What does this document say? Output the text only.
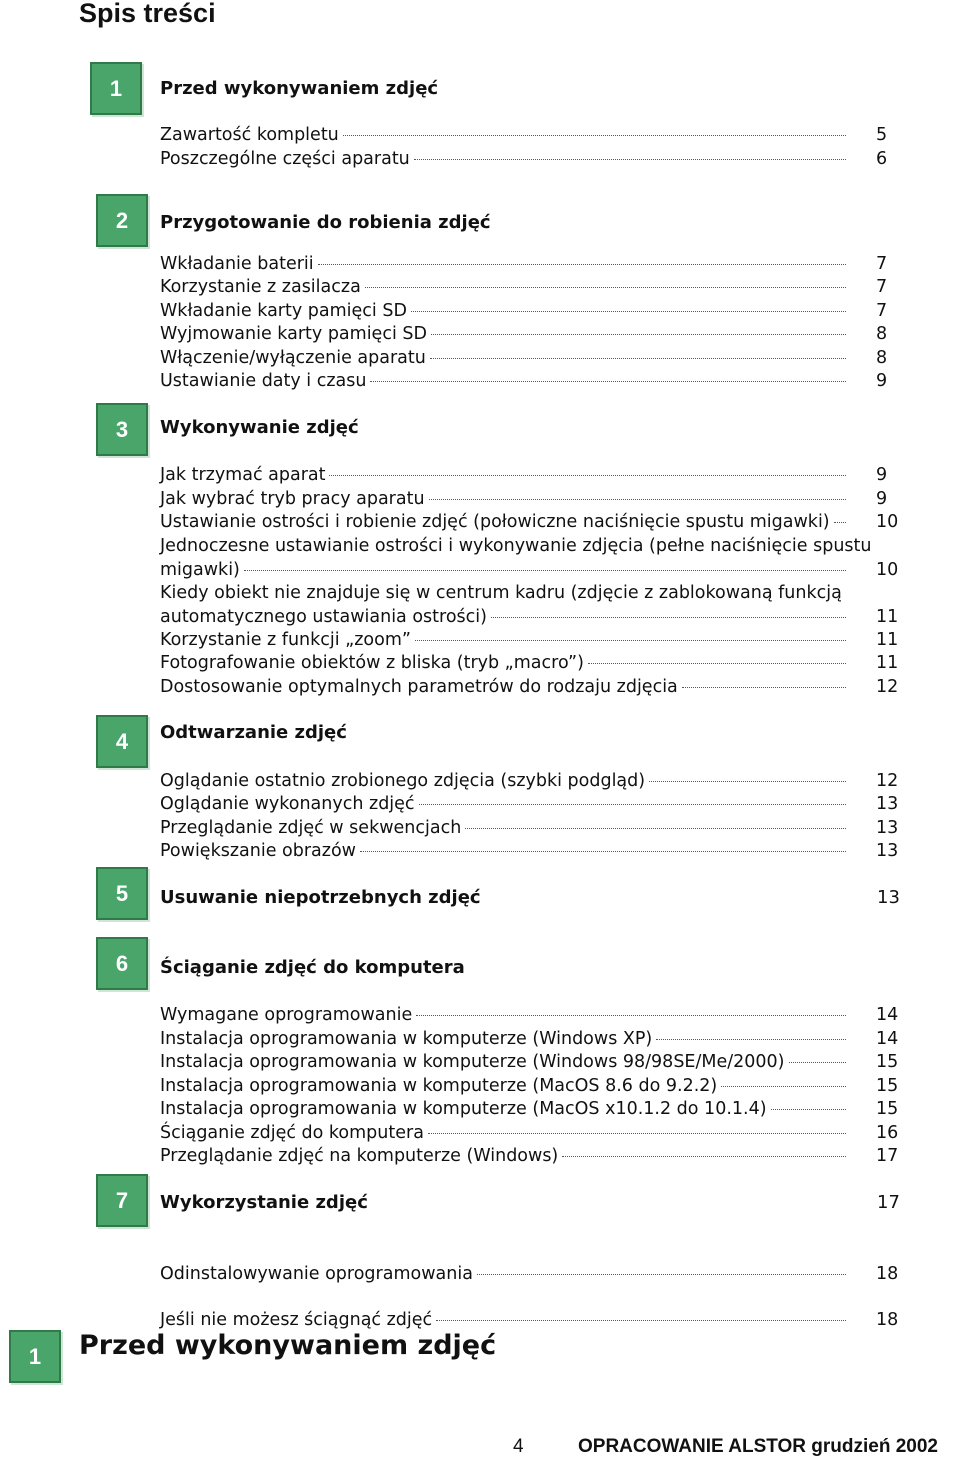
Spis treści
1	Przed wykonywaniem zdjęć
Zawartość kompletu	5
Poszczególne części aparatu	6
2	Przygotowanie do robienia zdjęć
Wkładanie baterii	7
Korzystanie z zasilacza	7
Wkładanie karty pamięci SD	7
Wyjmowanie karty pamięci SD	8
Włączenie/wyłączenie aparatu	8
Ustawianie daty i czasu	9
3	Wykonywanie zdjęć
Jak trzymać aparat	9
Jak wybrać tryb pracy aparatu	9
Ustawianie ostrości i robienie zdjęć (połowiczne naciśnięcie spustu migawki)	10
Jednoczesne ustawianie ostrości i wykonywanie zdjęcia (pełne naciśnięcie spustu
migawki)	10
Kiedy obiekt nie znajduje się w centrum kadru (zdjęcie z zablokowaną funkcją
automatycznego ustawiania ostrości)	11
Korzystanie z funkcji „zoom”	11
Fotografowanie obiektów z bliska (tryb „macro”)	11
Dostosowanie optymalnych parametrów do rodzaju zdjęcia	12
4	Odtwarzanie zdjęć
Oglądanie ostatnio zrobionego zdjęcia (szybki podgląd)	12
Oglądanie wykonanych zdjęć	13
Przeglądanie zdjęć w sekwencjach	13
Powiększanie obrazów	13
5	Usuwanie niepotrzebnych zdjęć	13
6	Ściąganie zdjęć do komputera
Wymagane oprogramowanie	14
Instalacja oprogramowania w komputerze (Windows XP)	14
Instalacja oprogramowania w komputerze (Windows 98/98SE/Me/2000)	15
Instalacja oprogramowania w komputerze (MacOS 8.6 do 9.2.2)	15
Instalacja oprogramowania w komputerze (MacOS x10.1.2 do 10.1.4)	15
Ściąganie zdjęć do komputera	16
Przeglądanie zdjęć na komputerze (Windows)	17
7	Wykorzystanie zdjęć	17
Odinstalowywanie oprogramowania	18
Jeśli nie możesz ściągnąć zdjęć	18
1	Przed wykonywaniem zdjęć
4	OPRACOWANIE ALSTOR grudzień 2002
